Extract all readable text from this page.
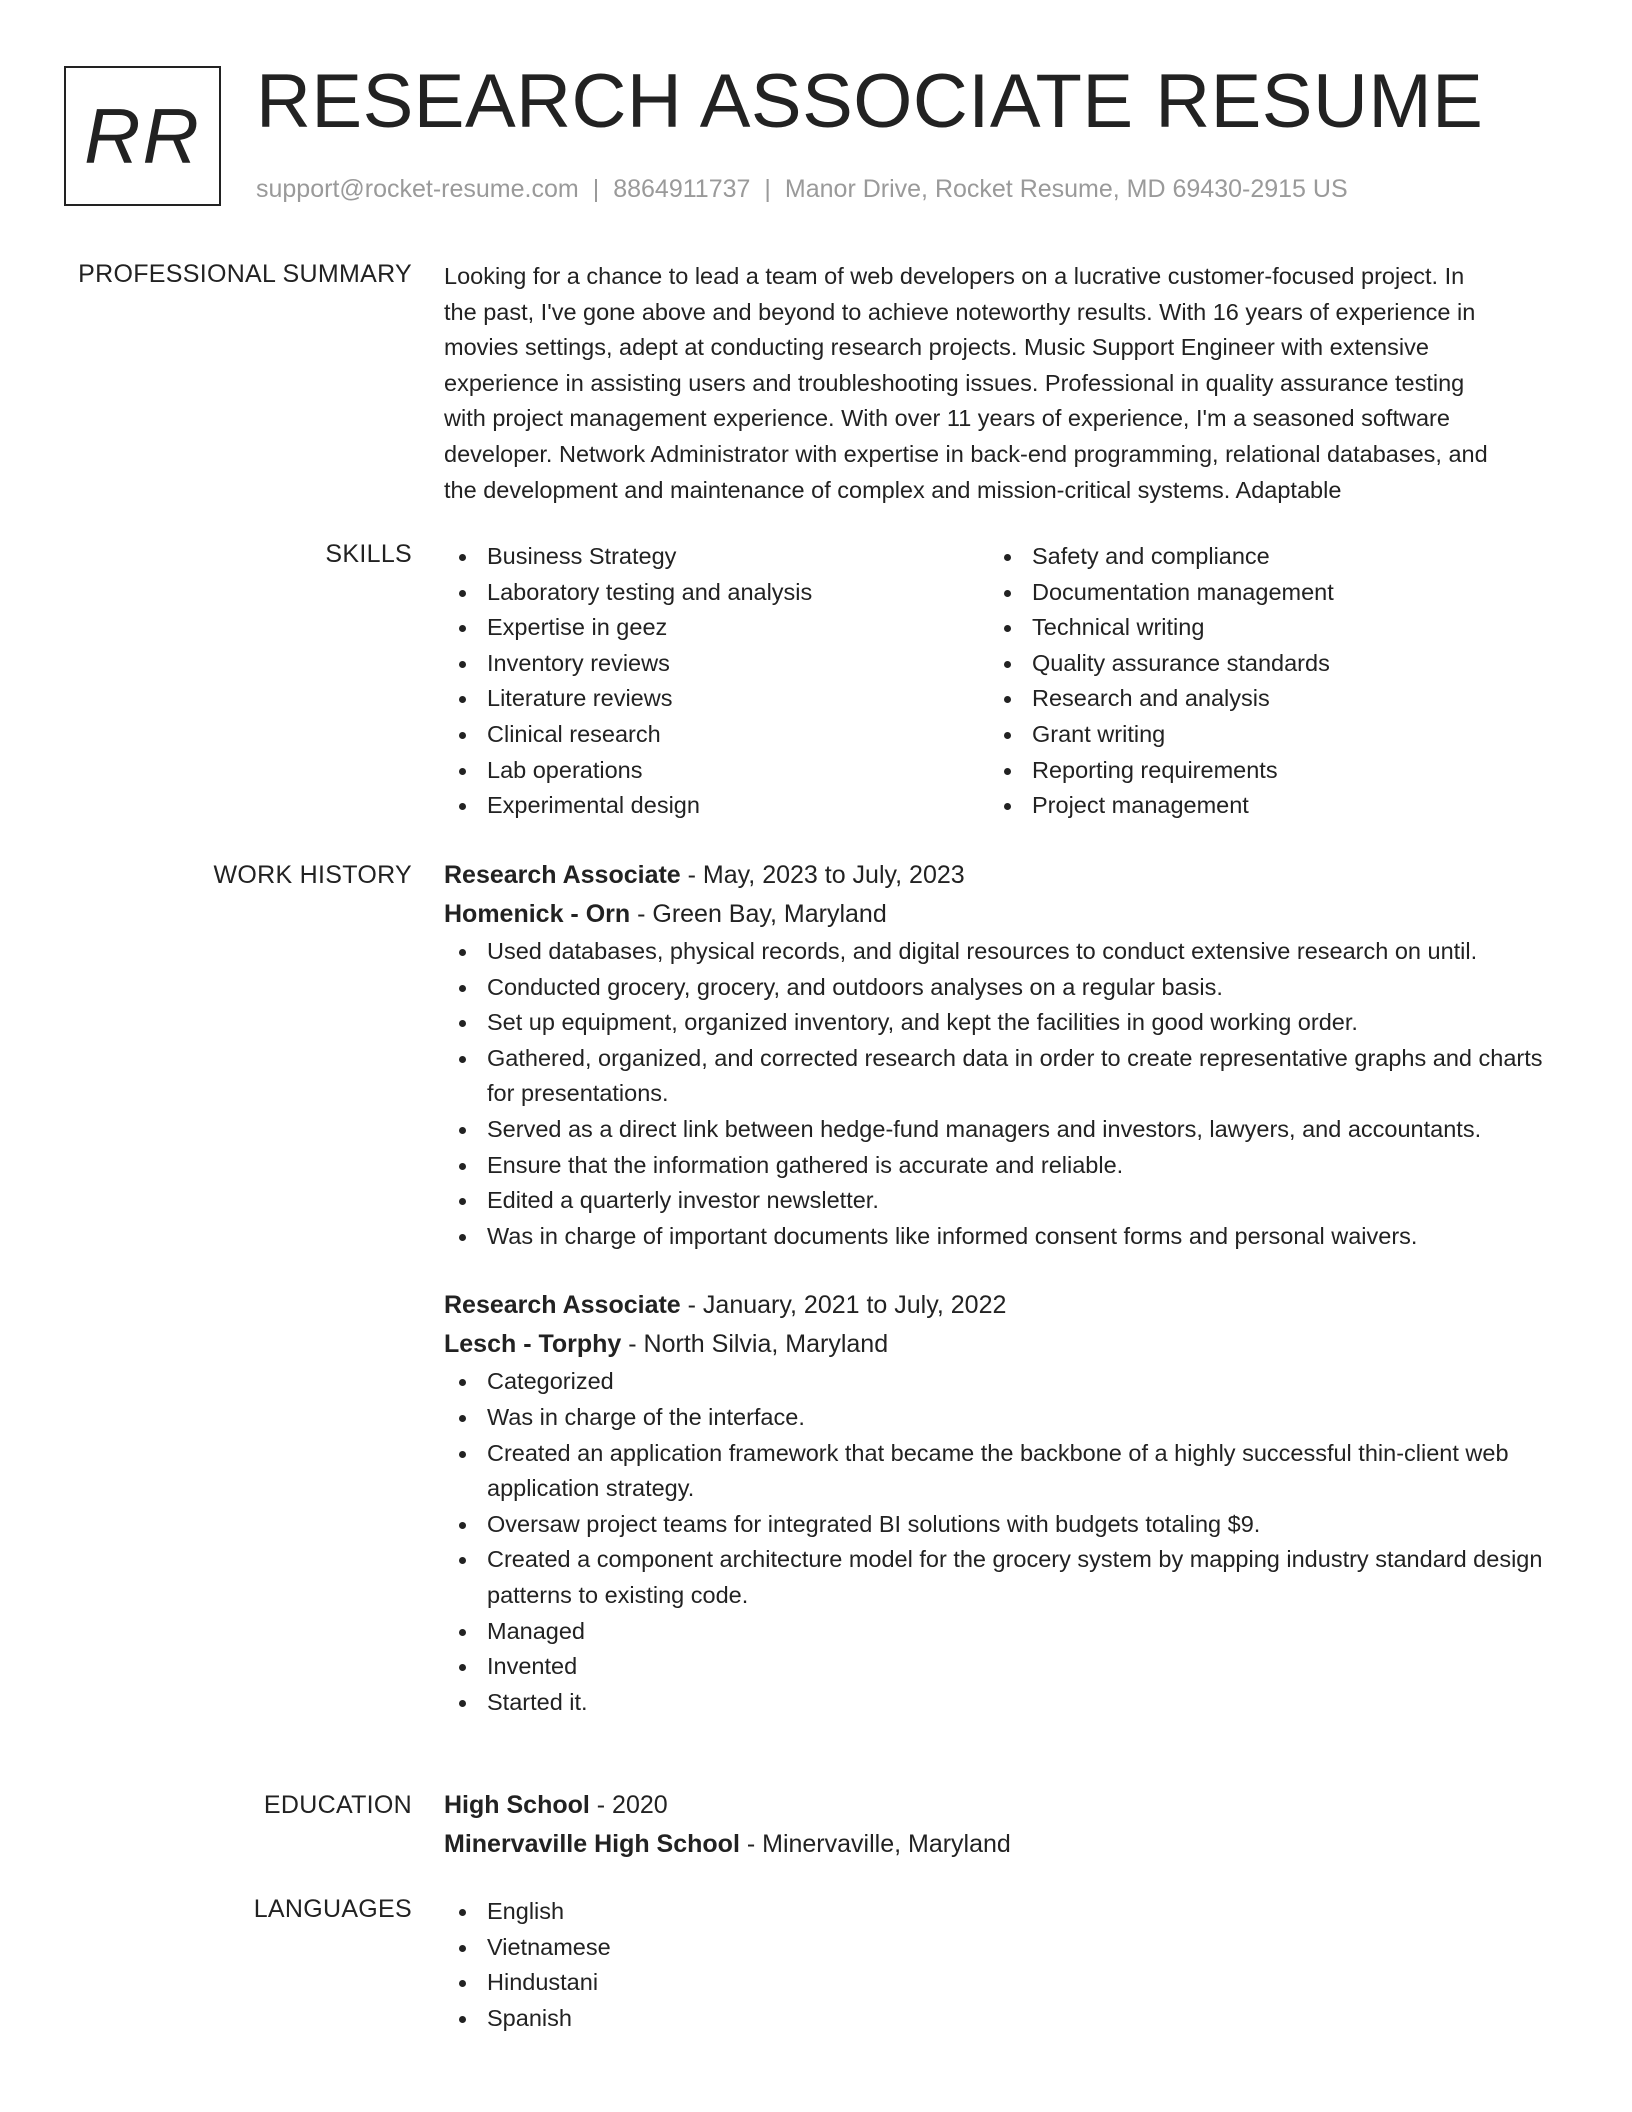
RR RESEARCH ASSOCIATE RESUME
support@rocket-resume.com | 8864911737 | Manor Drive, Rocket Resume, MD 69430-2915 US
PROFESSIONAL SUMMARY Looking for a chance to lead a team of web developers on a lucrative customer-focused project. In
the past, I've gone above and beyond to achieve noteworthy results. With 16 years of experience in
movies settings, adept at conducting research projects. Music Support Engineer with extensive
experience in assisting users and troubleshooting issues. Professional in quality assurance testing
with project management experience. With over 11 years of experience, I'm a seasoned software
developer. Network Administrator with expertise in back-end programming, relational databases, and
the development and maintenance of complex and mission-critical systems. Adaptable
SKILLS	Business Strategy
Laboratory testing and analysis
Expertise in geez
Inventory reviews
Literature reviews
Clinical research
Lab operations
Experimental design
Safety and compliance
Documentation management
Technical writing
Quality assurance standards
Research and analysis
Grant writing
Reporting requirements
Project management
WORK HISTORY Research Associate - May, 2023 to July, 2023
Homenick - Orn - Green Bay, Maryland
Used databases, physical records, and digital resources to conduct extensive research on until.
Conducted grocery, grocery, and outdoors analyses on a regular basis.
Set up equipment, organized inventory, and kept the facilities in good working order.
Gathered, organized, and corrected research data in order to create representative graphs and charts for presentations.
Served as a direct link between hedge-fund managers and investors, lawyers, and accountants.
Ensure that the information gathered is accurate and reliable.
Edited a quarterly investor newsletter.
Was in charge of important documents like informed consent forms and personal waivers.
Research Associate - January, 2021 to July, 2022
Lesch - Torphy - North Silvia, Maryland
Categorized
Was in charge of the interface.
Created an application framework that became the backbone of a highly successful thin-client web application strategy.
Oversaw project teams for integrated BI solutions with budgets totaling $9.
Created a component architecture model for the grocery system by mapping industry standard design patterns to existing code.
Managed
Invented
Started it.
EDUCATION High School - 2020
Minervaville High School - Minervaville, Maryland
LANGUAGES	English
Vietnamese
Hindustani
Spanish
